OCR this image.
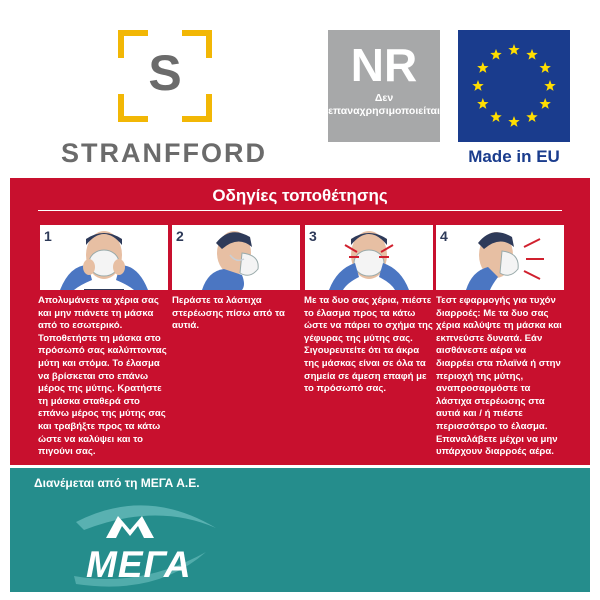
S
STRANFFORD
NR
Δεν
επαναχρησιμοποιείται
Made in EU
Οδηγίες τοποθέτησης
1
Απολυμάνετε τα χέρια σας και μην πιάνετε τη μάσκα από το εσωτερικό. Τοποθετήστε τη μάσκα στο πρόσωπό σας καλύπτοντας μύτη και στόμα. Το έλασμα να βρίσκεται στο επάνω μέρος της μύτης. Κρατήστε τη μάσκα σταθερά στο επάνω μέρος της μύτης σας και τραβήξτε προς τα κάτω ώστε να καλύψει και το πιγούνι σας.
2
Περάστε τα λάστιχα στερέωσης πίσω από τα αυτιά.
3
Με τα δυο σας χέρια, πιέστε το έλασμα προς τα κάτω ώστε να πάρει το σχήμα της γέφυρας της μύτης σας. Σιγουρευτείτε ότι τα άκρα της μάσκας είναι σε όλα τα σημεία σε άμεση επαφή με το πρόσωπό σας.
4
Τεστ εφαρμογής για τυχόν διαρροές: Με τα δυο σας χέρια καλύψτε τη μάσκα και εκπνεύστε δυνατά. Εάν αισθάνεστε αέρα να διαρρέει στα πλαϊνά ή στην περιοχή της μύτης, αναπροσαρμόστε τα λάστιχα στερέωσης στα αυτιά και / ή πιέστε περισσότερο το έλασμα. Επαναλάβετε μέχρι να μην υπάρχουν διαρροές αέρα.
Διανέμεται από τη ΜΕΓΑ Α.Ε.
ΜΕΓΑ
